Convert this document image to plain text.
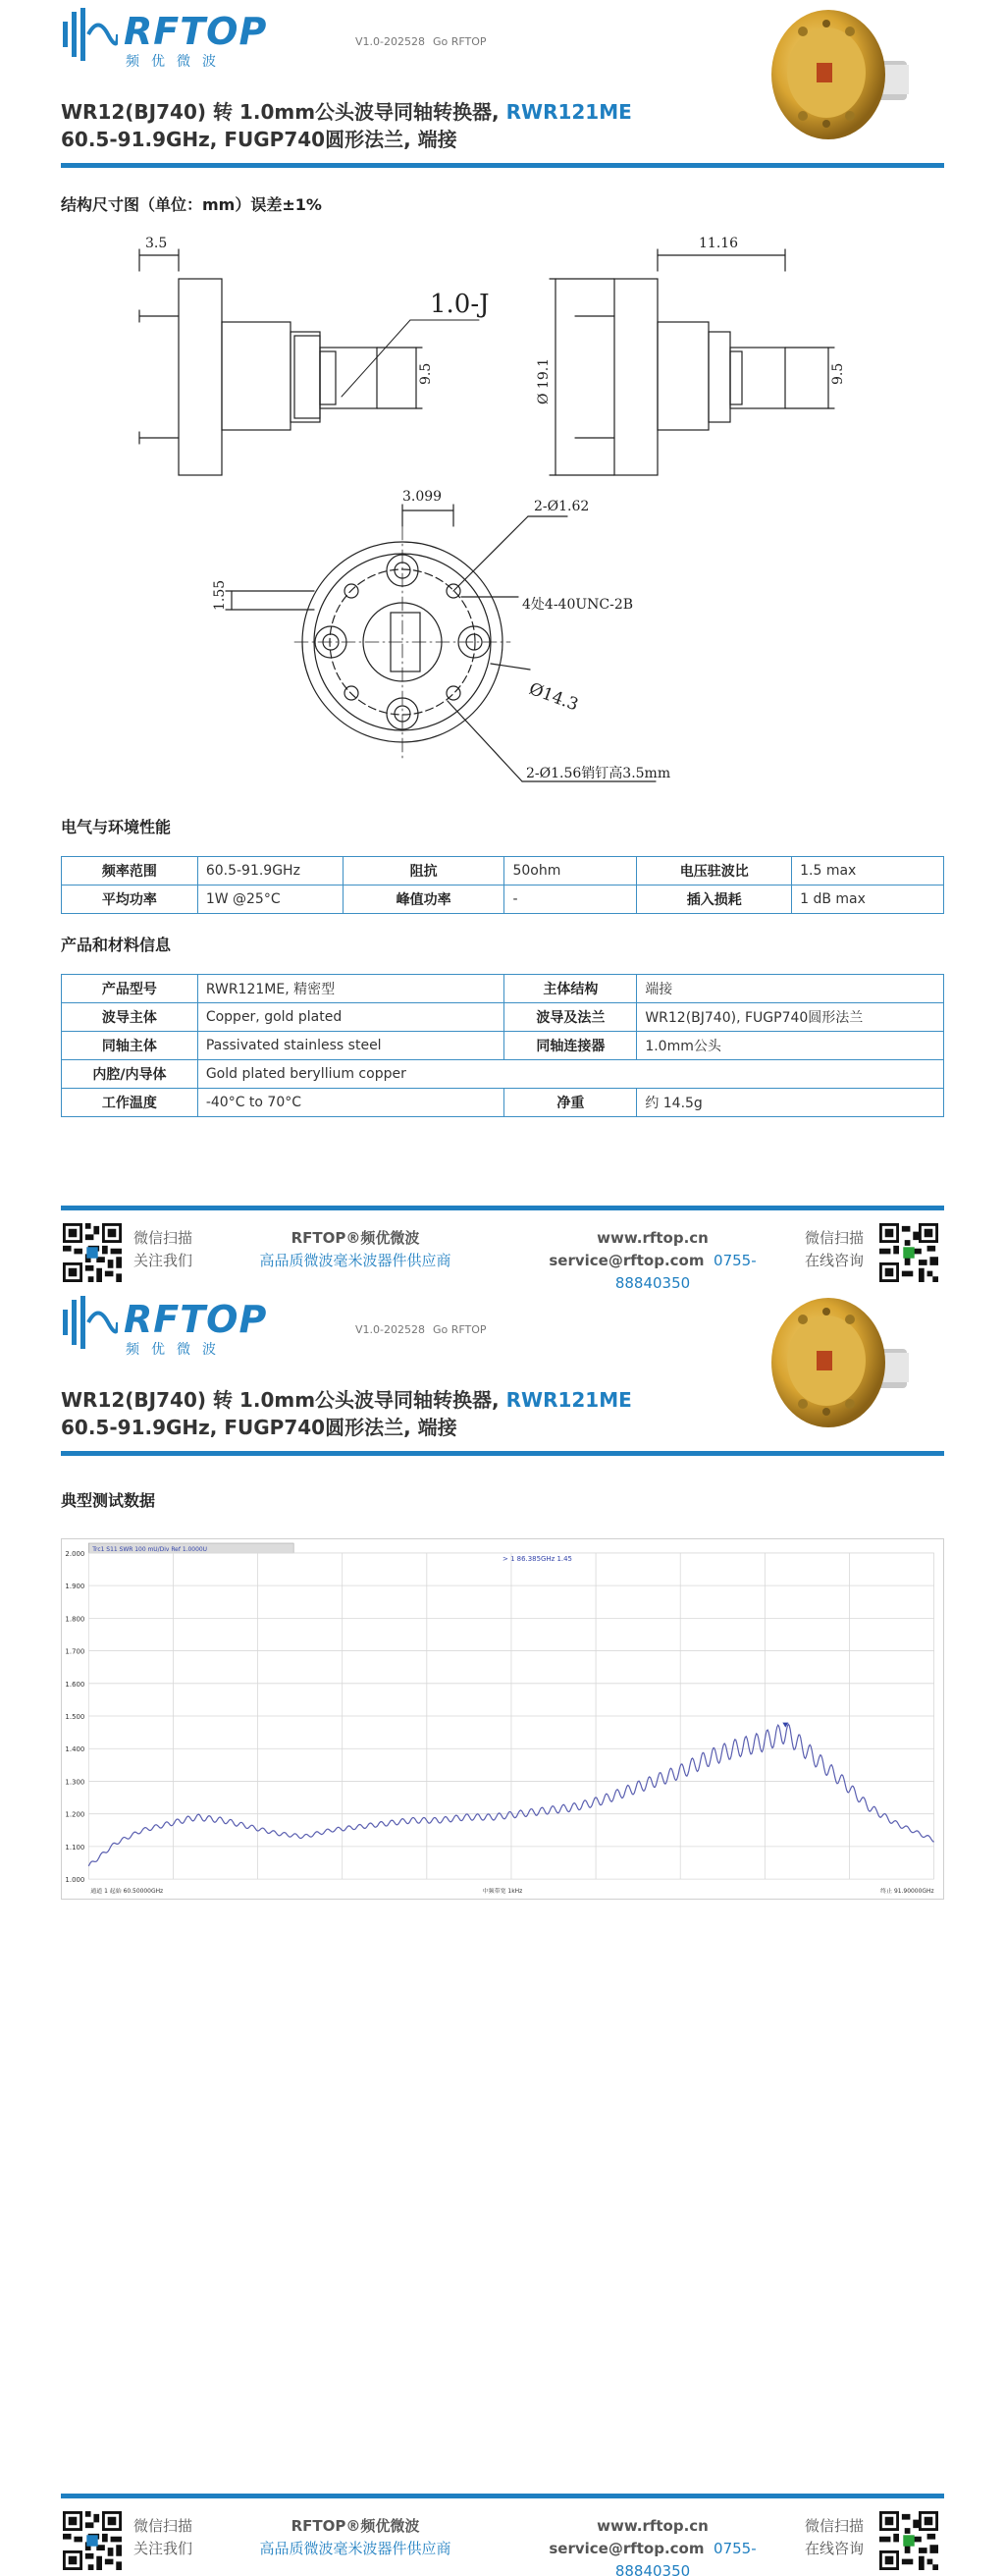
RFTOP
频优微波
V1.0-202528 Go RFTOP
WR12(BJ740) 转 1.0mm公头波导同轴转换器, RWR121ME
60.5-91.9GHz, FUGP740圆形法兰, 端接
结构尺寸图（单位：mm）误差±1%
3.5
1.0-J
9.5
11.16
Ø 19.1	9.5
3.099
2-Ø1.62
1.55	4处4-40UNC-2B
Ø14.3
2-Ø1.56销钉高3.5mm
电气与环境性能
频率范围	60.5-91.9GHz	阻抗	50ohm	电压驻波比	1.5 max
平均功率	1W @25°C	峰值功率	-	插入损耗	1 dB max
产品和材料信息
产品型号	RWR121ME, 精密型	主体结构	端接
波导主体	Copper, gold plated	波导及法兰	WR12(BJ740), FUGP740圆形法兰
同轴主体	Passivated stainless steel	同轴连接器	1.0mm公头
内腔/内导体	Gold plated beryllium copper		
工作温度	-40°C to 70°C	净重	约 14.5g
微信扫描
关注我们
RFTOP®频优微波
高品质微波毫米波器件供应商
www.rftop.cn
service@rftop.com 0755-88840350
微信扫描
在线咨询
RFTOP
频优微波
V1.0-202528 Go RFTOP
WR12(BJ740) 转 1.0mm公头波导同轴转换器, RWR121ME
60.5-91.9GHz, FUGP740圆形法兰, 端接
典型测试数据
微信扫描
关注我们
RFTOP®频优微波
高品质微波毫米波器件供应商
www.rftop.cn
service@rftop.com 0755-88840350
微信扫描
在线咨询
Trc1 S11 SWR 100 mU/Div Ref 1.0000U
> 1 86.385GHz 1.45
2.000
1.900
1.800
1.700
1.600
1.500
1.400
1.300
1.200
1.100
1.000
通道 1 起始 60.50000GHz	中频带宽 1kHz	终止 91.90000GHz
